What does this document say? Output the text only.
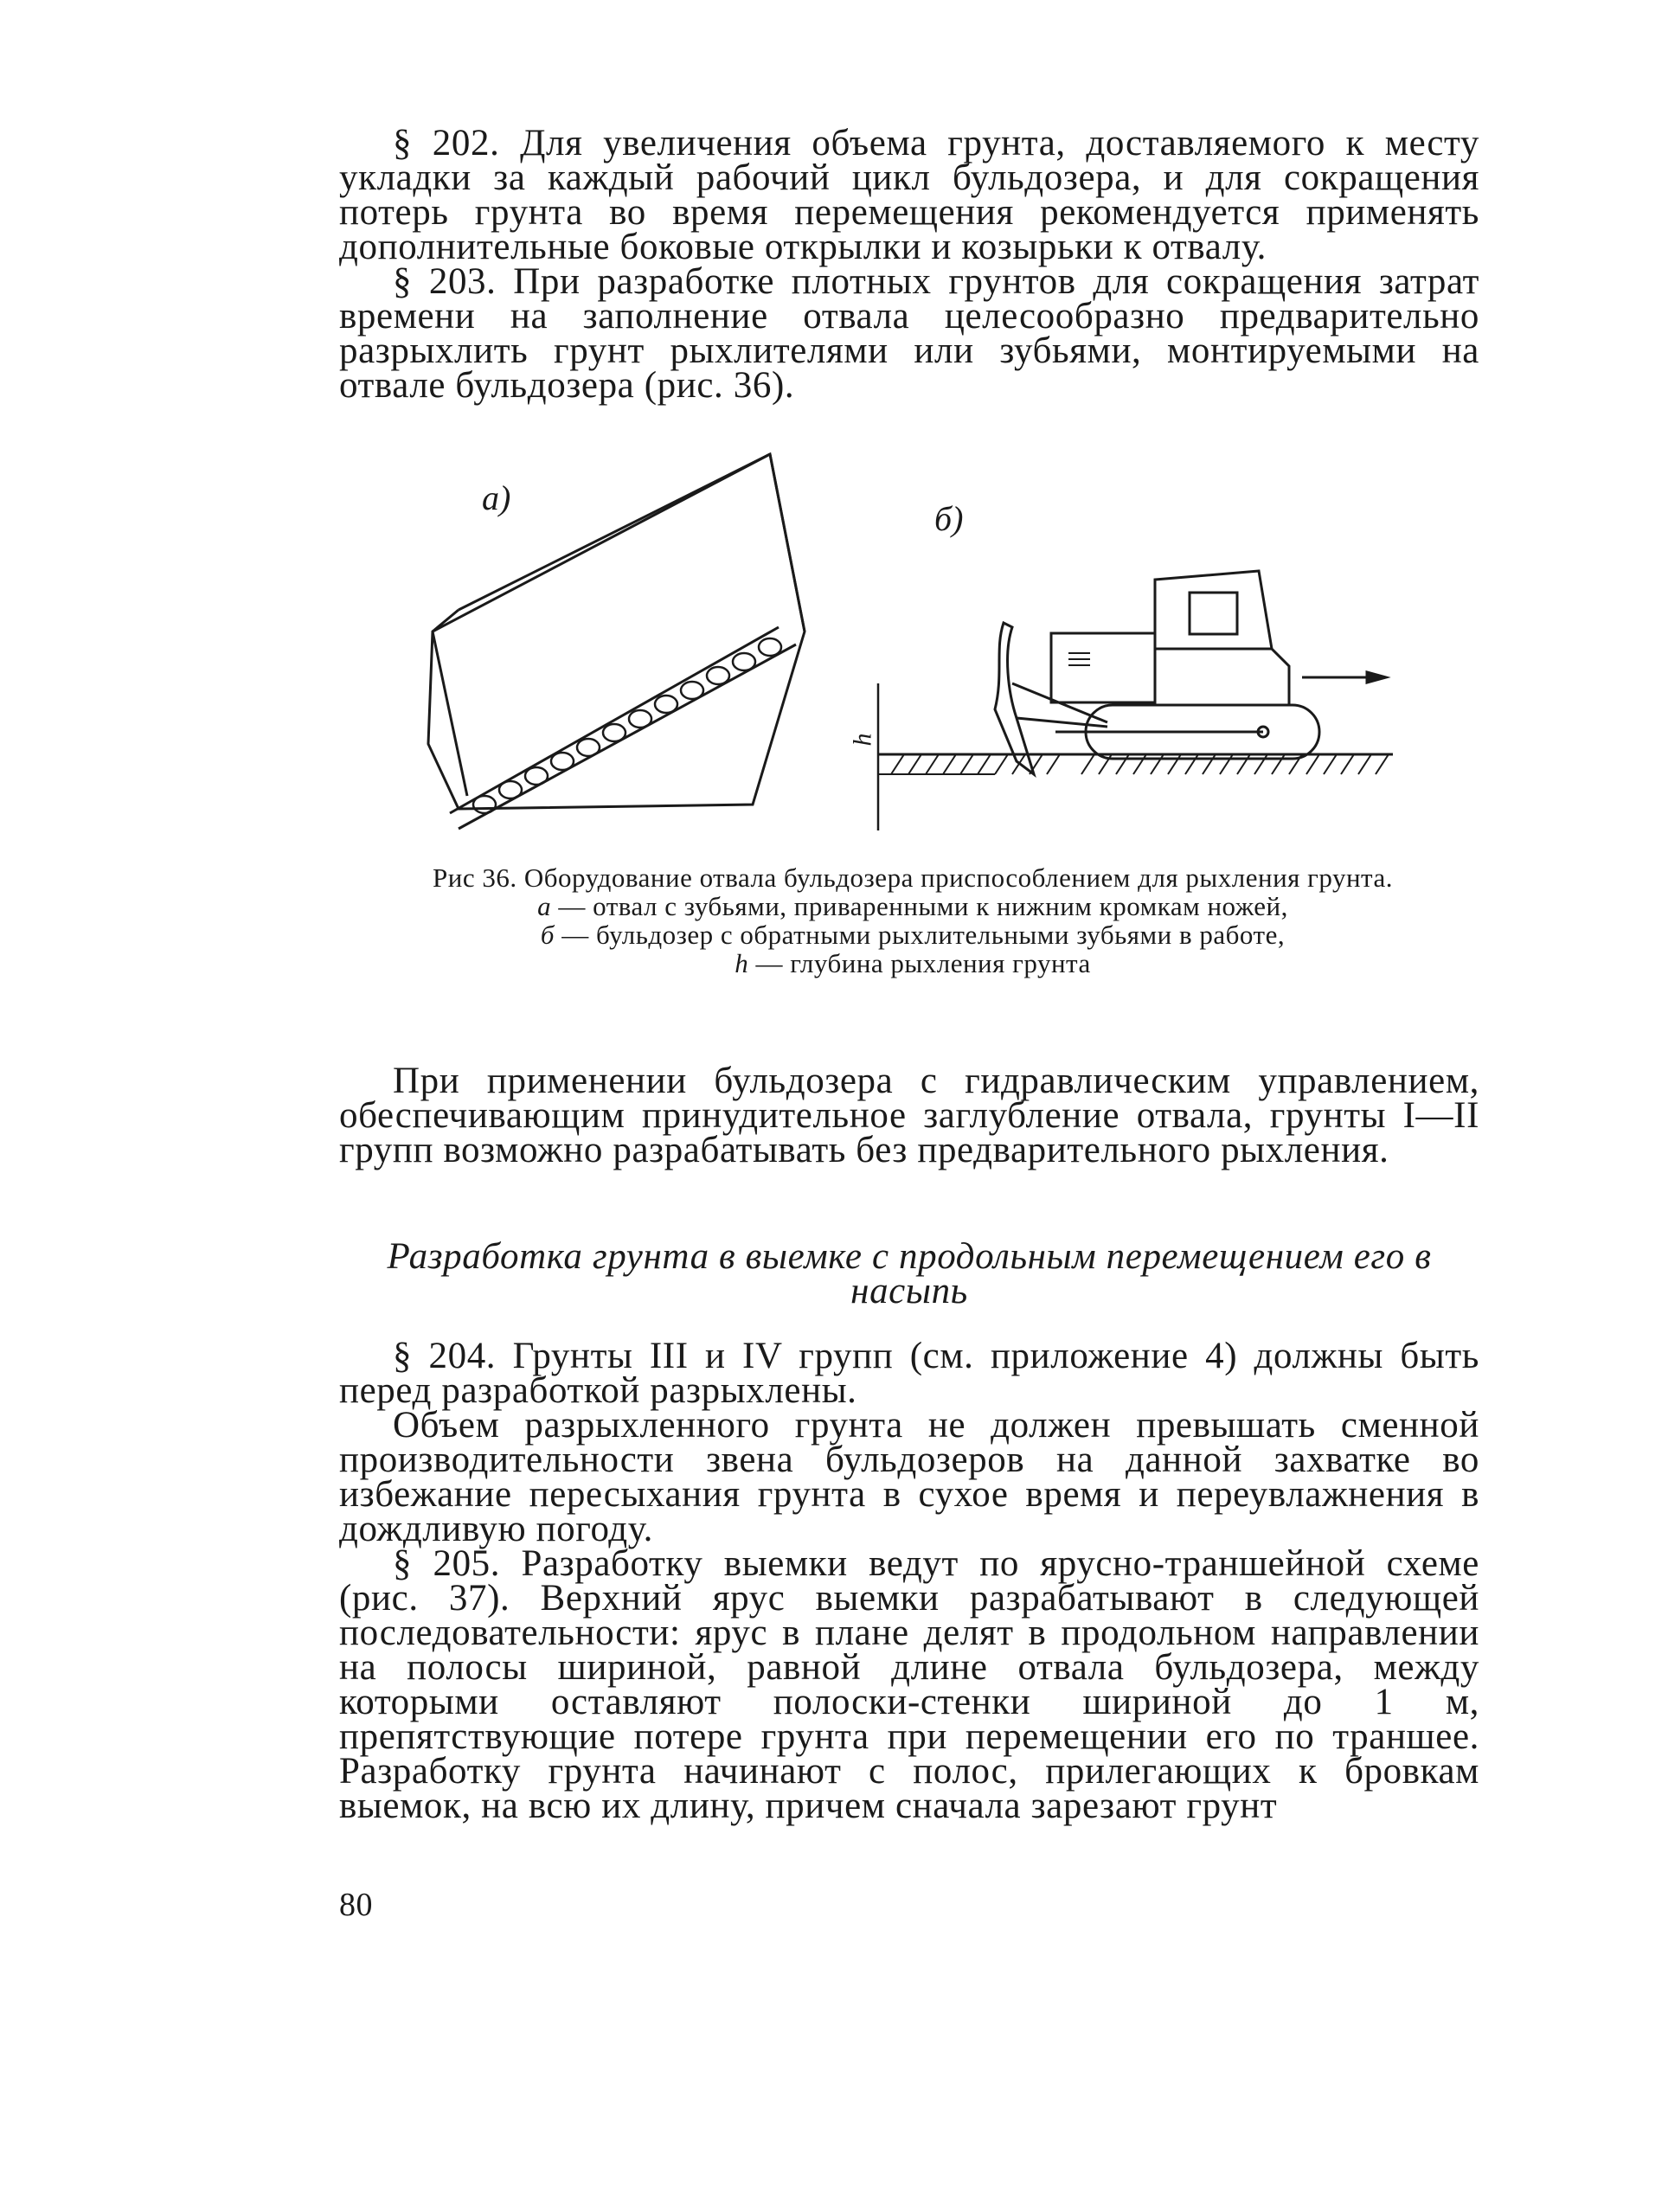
§ 202. Для увеличения объема грунта, доставляемого к месту укладки за каждый рабочий цикл бульдозера, и для сокращения потерь грунта во время перемещения рекомендуется применять дополнительные боковые открылки и козырьки к отвалу.

§ 203. При разработке плотных грунтов для сокращения затрат времени на заполнение отвала целесообразно предварительно разрыхлить грунт рыхлителями или зубьями, монтируемыми на отвале бульдозера (рис. 36).

а)
б)
h
Рис 36. Оборудование отвала бульдозера приспособлением для рыхления грунта.
а — отвал с зубьями, приваренными к нижним кромкам ножей,
б — бульдозер с обратными рыхлительными зубьями в работе,
h — глубина рыхления грунта

При применении бульдозера с гидравлическим управлением, обеспечивающим принудительное заглубление отвала, грунты I—II групп возможно разрабатывать без предварительного рыхления.

Разработка грунта в выемке с продольным перемещением его в насыпь

§ 204. Грунты III и IV групп (см. приложение 4) должны быть перед разработкой разрыхлены.

Объем разрыхленного грунта не должен превышать сменной производительности звена бульдозеров на данной захватке во избежание пересыхания грунта в сухое время и переувлажнения в дождливую погоду.

§ 205. Разработку выемки ведут по ярусно-траншейной схеме (рис. 37). Верхний ярус выемки разрабатывают в следующей последовательности: ярус в плане делят в продольном направлении на полосы шириной, равной длине отвала бульдозера, между которыми оставляют полоски-стенки шириной до 1 м, препятствующие потере грунта при перемещении его по траншее. Разработку грунта начинают с полос, прилегающих к бровкам выемок, на всю их длину, причем сначала зарезают грунт

80
